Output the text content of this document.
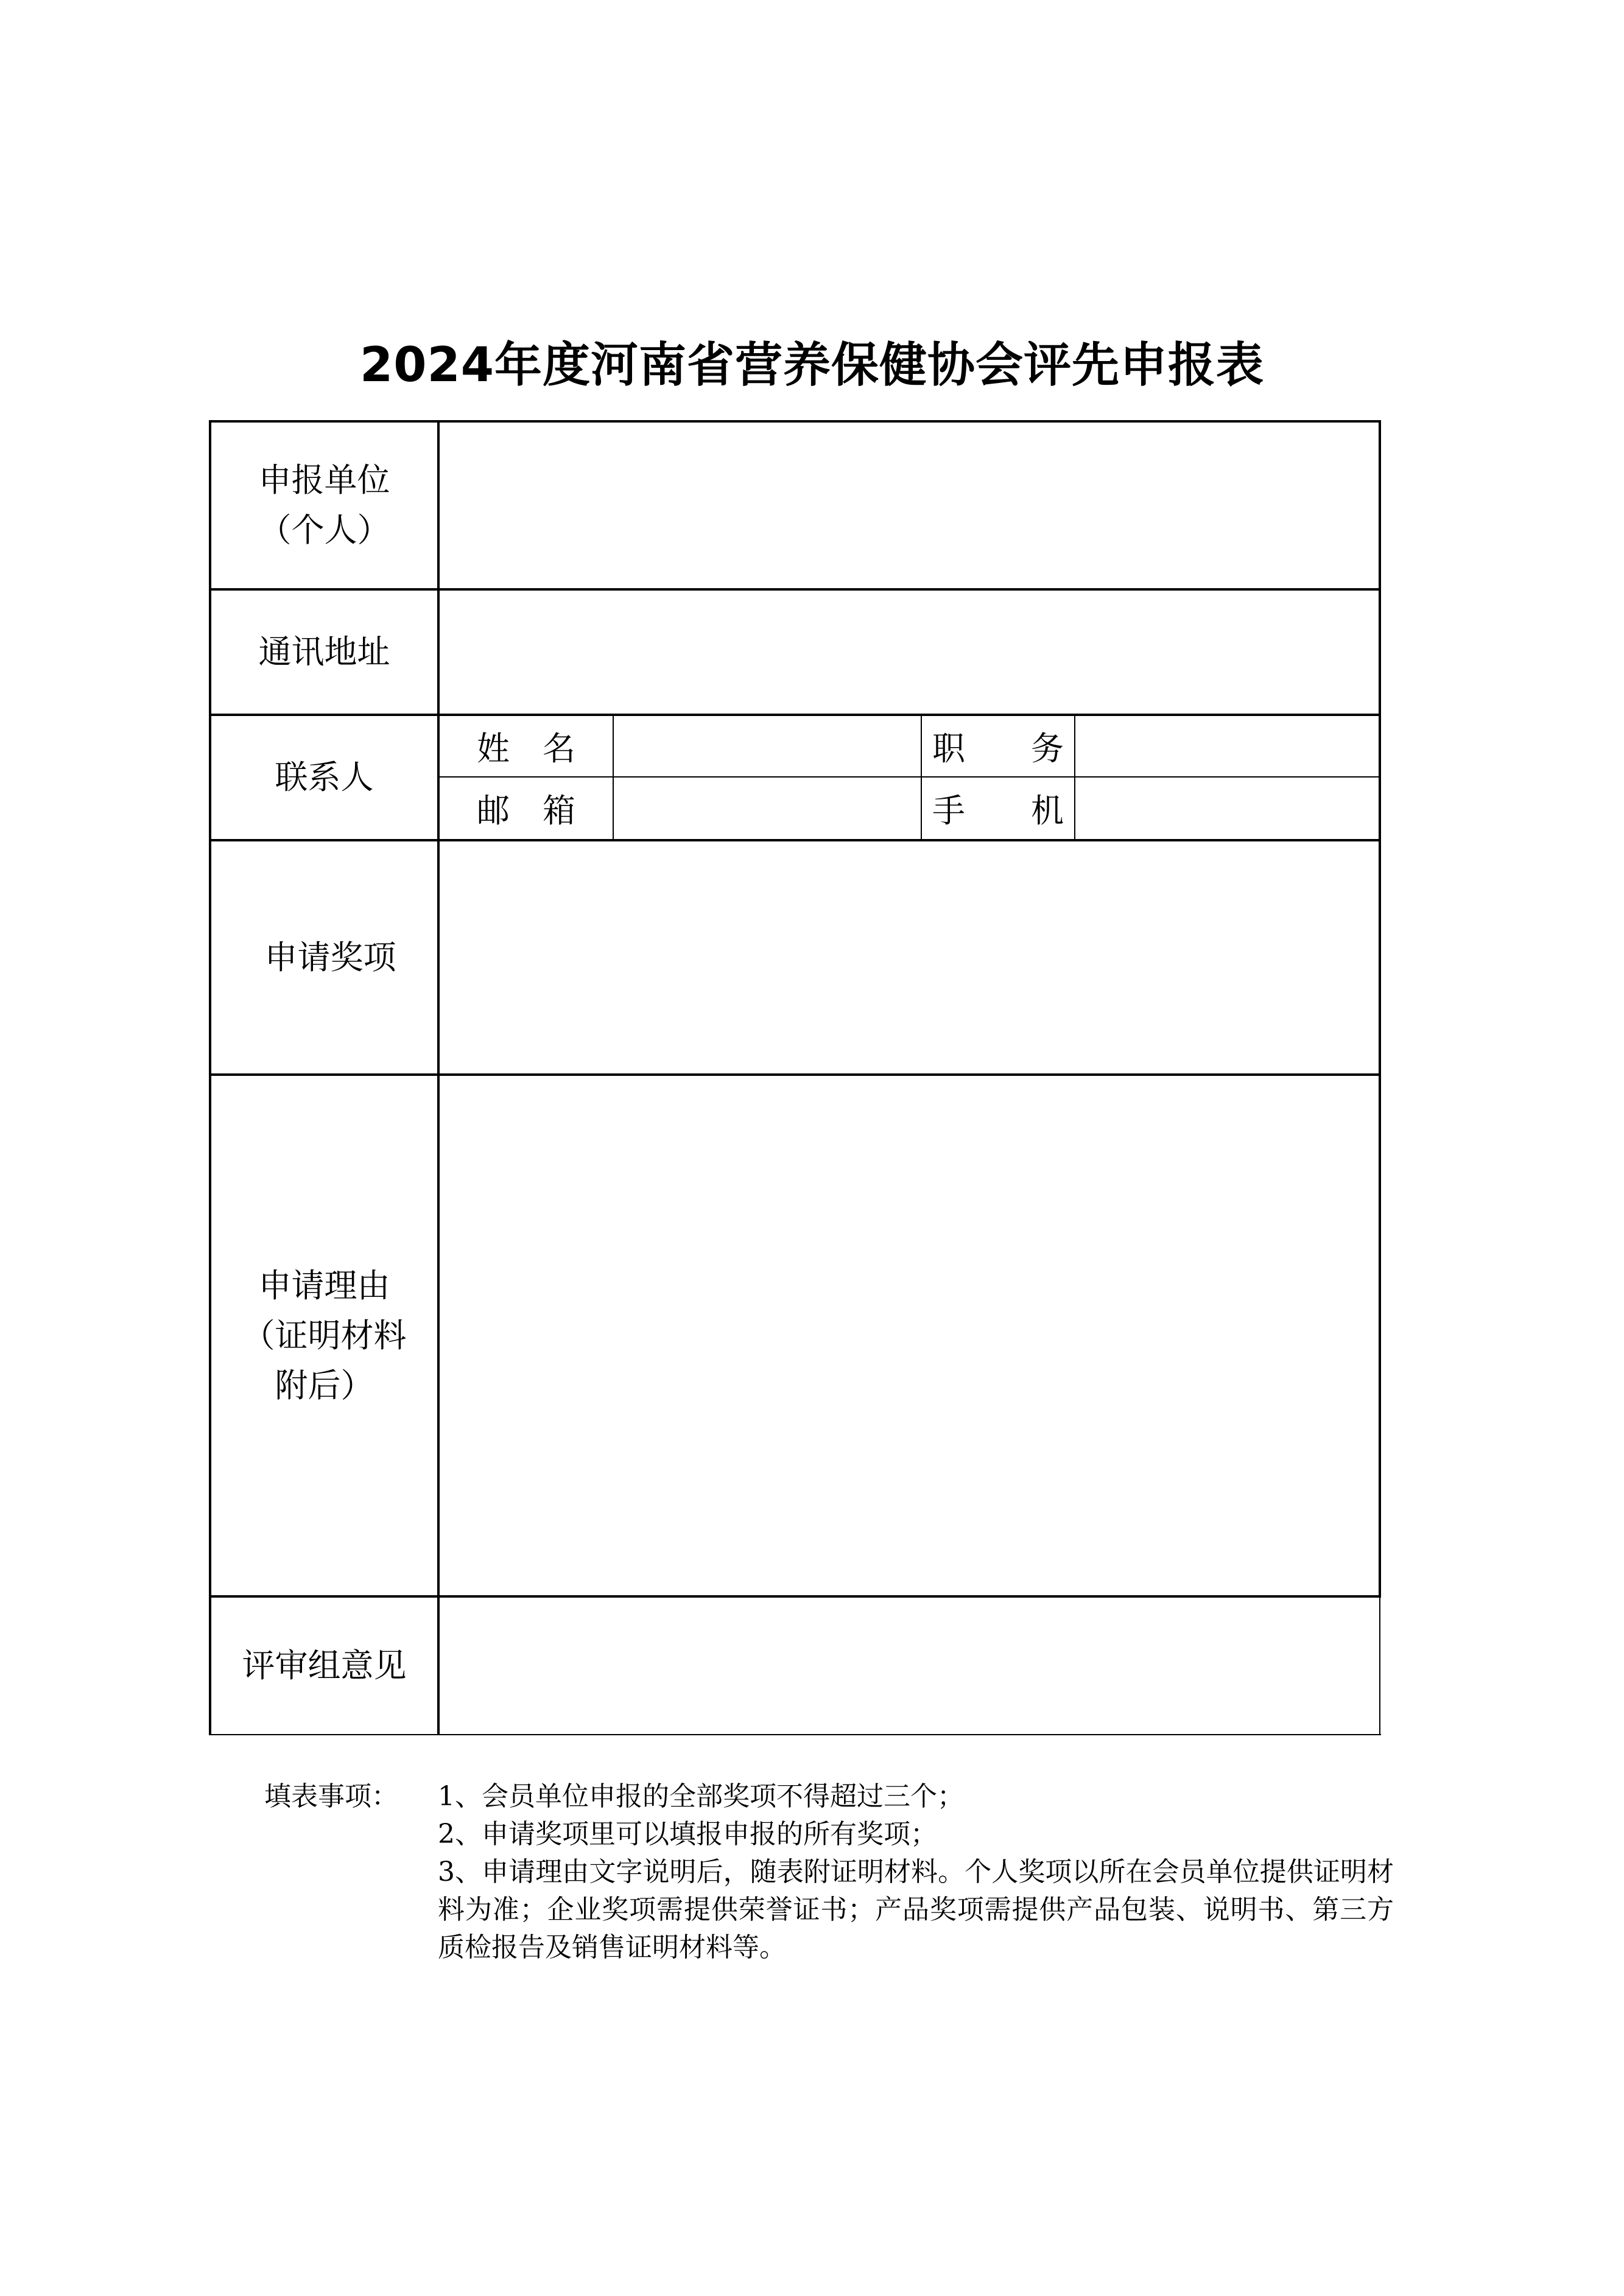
2024年度河南省营养保健协会评先申报表
申报单位
（个人）
通讯地址
联系人
姓　名	职　　务
邮　箱	手　　机
申请奖项
申请理由
（证明材料
附后）
评审组意见
填表事项： 1、会员单位申报的全部奖项不得超过三个；
2、申请奖项里可以填报申报的所有奖项；
3、申请理由文字说明后，随表附证明材料。个人奖项以所在会员单位提供证明材料为准；企业奖项需提供荣誉证书；产品奖项需提供产品包装、说明书、第三方质检报告及销售证明材料等。
